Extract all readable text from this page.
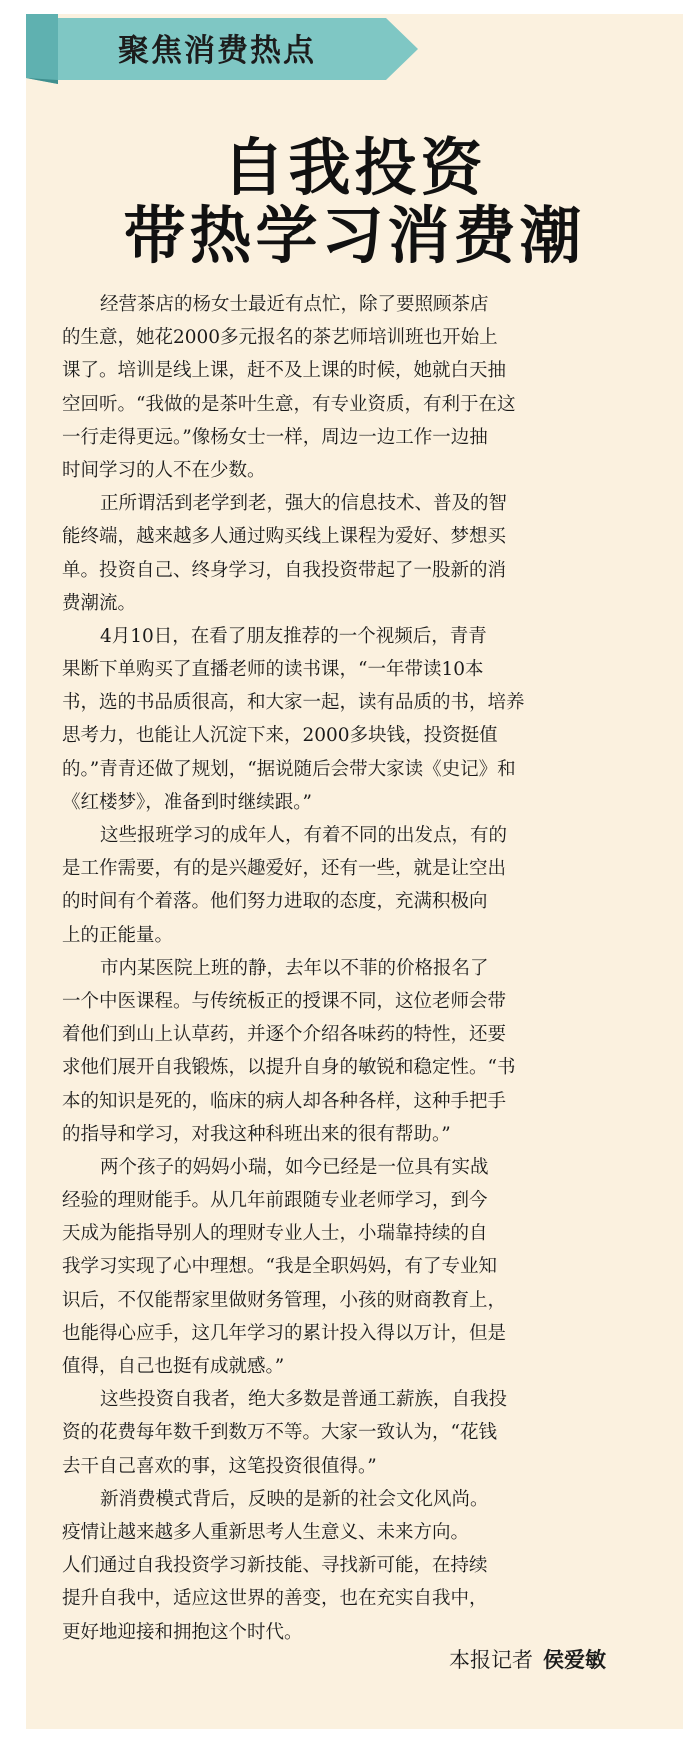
聚焦消费热点
自我投资
带热学习消费潮
经营茶店的杨女士最近有点忙，除了要照顾茶店
的生意，她花2000多元报名的茶艺师培训班也开始上
课了。培训是线上课，赶不及上课的时候，她就白天抽
空回听。“我做的是茶叶生意，有专业资质，有利于在这
一行走得更远。”像杨女士一样，周边一边工作一边抽
时间学习的人不在少数。
正所谓活到老学到老，强大的信息技术、普及的智
能终端，越来越多人通过购买线上课程为爱好、梦想买
单。投资自己、终身学习，自我投资带起了一股新的消
费潮流。
4月10日，在看了朋友推荐的一个视频后，青青
果断下单购买了直播老师的读书课，“一年带读10本
书，选的书品质很高，和大家一起，读有品质的书，培养
思考力，也能让人沉淀下来，2000多块钱，投资挺值
的。”青青还做了规划，“据说随后会带大家读《史记》和
《红楼梦》，准备到时继续跟。”
这些报班学习的成年人，有着不同的出发点，有的
是工作需要，有的是兴趣爱好，还有一些，就是让空出
的时间有个着落。他们努力进取的态度，充满积极向
上的正能量。
市内某医院上班的静，去年以不菲的价格报名了
一个中医课程。与传统板正的授课不同，这位老师会带
着他们到山上认草药，并逐个介绍各味药的特性，还要
求他们展开自我锻炼，以提升自身的敏锐和稳定性。“书
本的知识是死的，临床的病人却各种各样，这种手把手
的指导和学习，对我这种科班出来的很有帮助。”
两个孩子的妈妈小瑞，如今已经是一位具有实战
经验的理财能手。从几年前跟随专业老师学习，到今
天成为能指导别人的理财专业人士，小瑞靠持续的自
我学习实现了心中理想。“我是全职妈妈，有了专业知
识后，不仅能帮家里做财务管理，小孩的财商教育上，
也能得心应手，这几年学习的累计投入得以万计，但是
值得，自己也挺有成就感。”
这些投资自我者，绝大多数是普通工薪族，自我投
资的花费每年数千到数万不等。大家一致认为，“花钱
去干自己喜欢的事，这笔投资很值得。”
新消费模式背后，反映的是新的社会文化风尚。
疫情让越来越多人重新思考人生意义、未来方向。
人们通过自我投资学习新技能、寻找新可能，在持续
提升自我中，适应这世界的善变，也在充实自我中，
更好地迎接和拥抱这个时代。
本报记者 侯爱敏
